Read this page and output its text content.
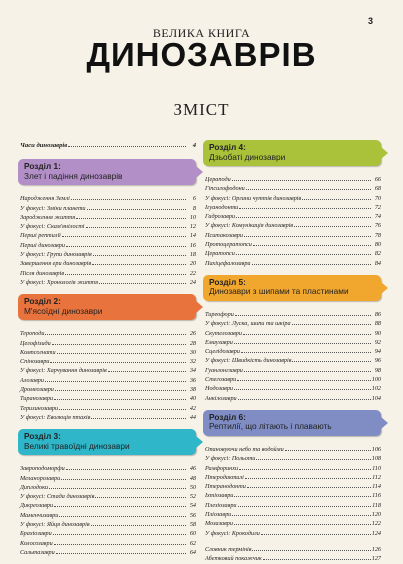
3
ВЕЛИКА КНИГА
ДИНОЗАВРІВ
ЗМІСТ
Часи динозаврів	4
Розділ 1:
Злет і падіння динозаврів
Народження Землі	6
У фокусі: Зміни планети	8
Зародження життя	10
У фокусі: Скам'янілості	12
Перші рептилії	14
Перші динозаври	16
У фокусі: Групи динозаврів	18
Завершення ери динозаврів	20
Після динозаврів	22
У фокусі: Хронологія життя	24
Розділ 2:
М'ясоїдні динозаври
Тероподи	26
Целофізиди	28
Компсогнати	30
Спінозаври	32
У фокусі: Харчування динозаврів	34
Алозаври	36
Дромеозаври	38
Тиранозаври	40
Теризинозаври	42
У фокусі: Еволюція птахів	44
Розділ 3:
Великі травоїдні динозаври
Завроподоморфи	46
Меланорозаври	48
Диплодоки	50
У фокусі: Стада динозаврів	52
Дикреозаври	54
Маменчизаври	56
У фокусі: Яйця динозаврів	58
Брахіозаври	60
Колосозаври	62
Сальтазаври	64
Розділ 4:
Дзьобаті динозаври
Цераподи	66
Гіпсилофодони	68
У фокусі: Органи чуттів динозаврів	70
Ігуанодонти	72
Гадрозаври	74
У фокусі: Комунікація динозаврів	76
Пситакозаври	78
Протоцератопси	80
Цератопси	82
Пахіцефалозаври	84
Розділ 5:
Динозаври з шипами та пластинами
Тиреофори	86
У фокусі: Луска, шипи та шкіра	88
Скутелозаври	90
Емаузаври	92
Сцелідозаври	94
У фокусі: Швидкість динозаврів	96
Гуанлонгзаври	98
Стегозаври	100
Нодозаври	102
Анкілозаври	104
Розділ 6:
Рептилії, що літають і плавають
Опановуючи небо та водойми	106
У фокусі: Польоти	108
Рамфоринхи	110
Птеродактилі	112
Птеранодонти	114
Іхтіозаври	116
Плезіозаври	118
Пліозаври	120
Мозазаври	122
У фокусі: Крокодили	124
Словник термінів	126
Абетковий покажчик	127
